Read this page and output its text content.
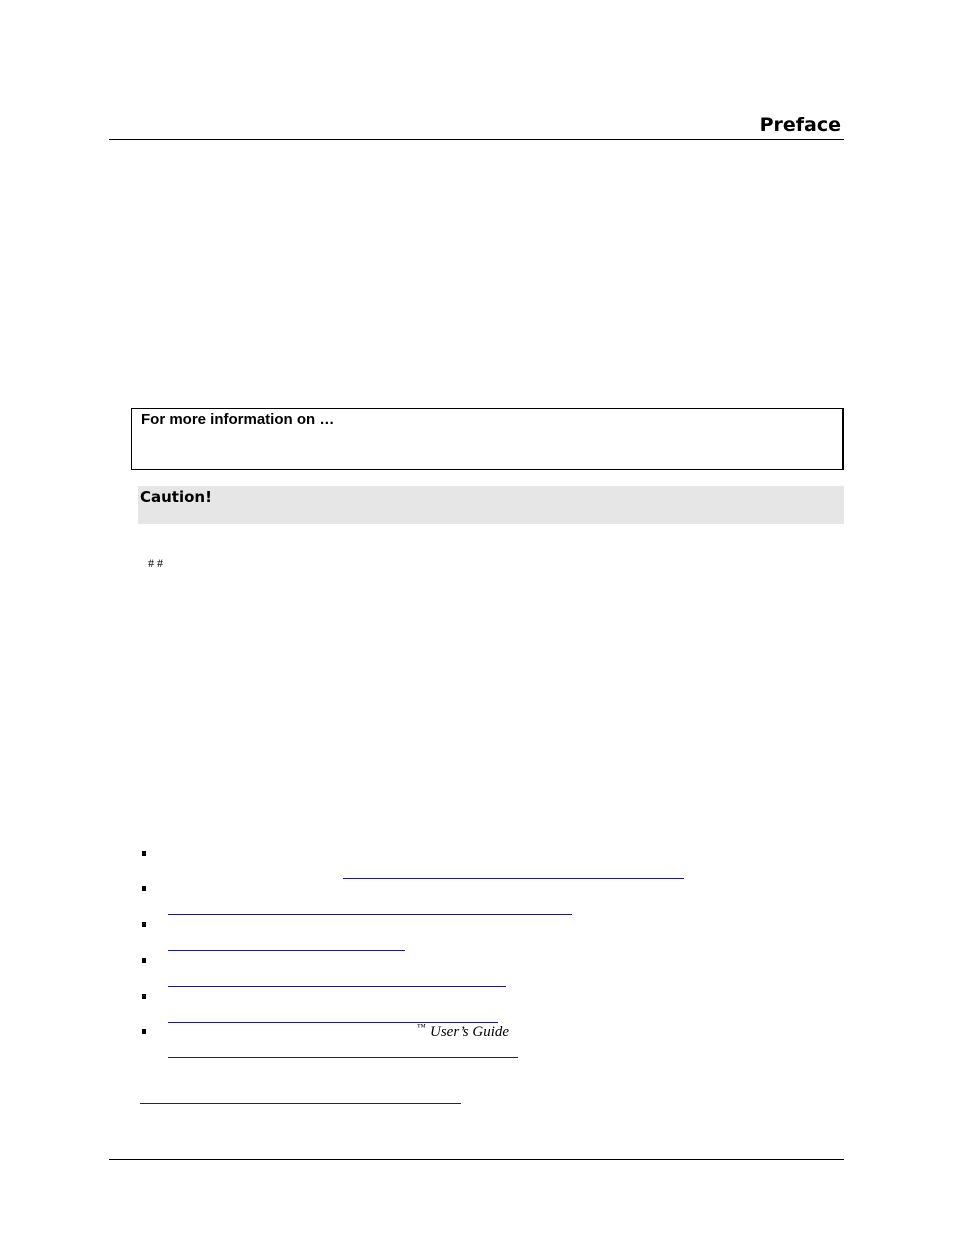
Preface
For more information on …
Caution!
# #
™ User’s Guide
